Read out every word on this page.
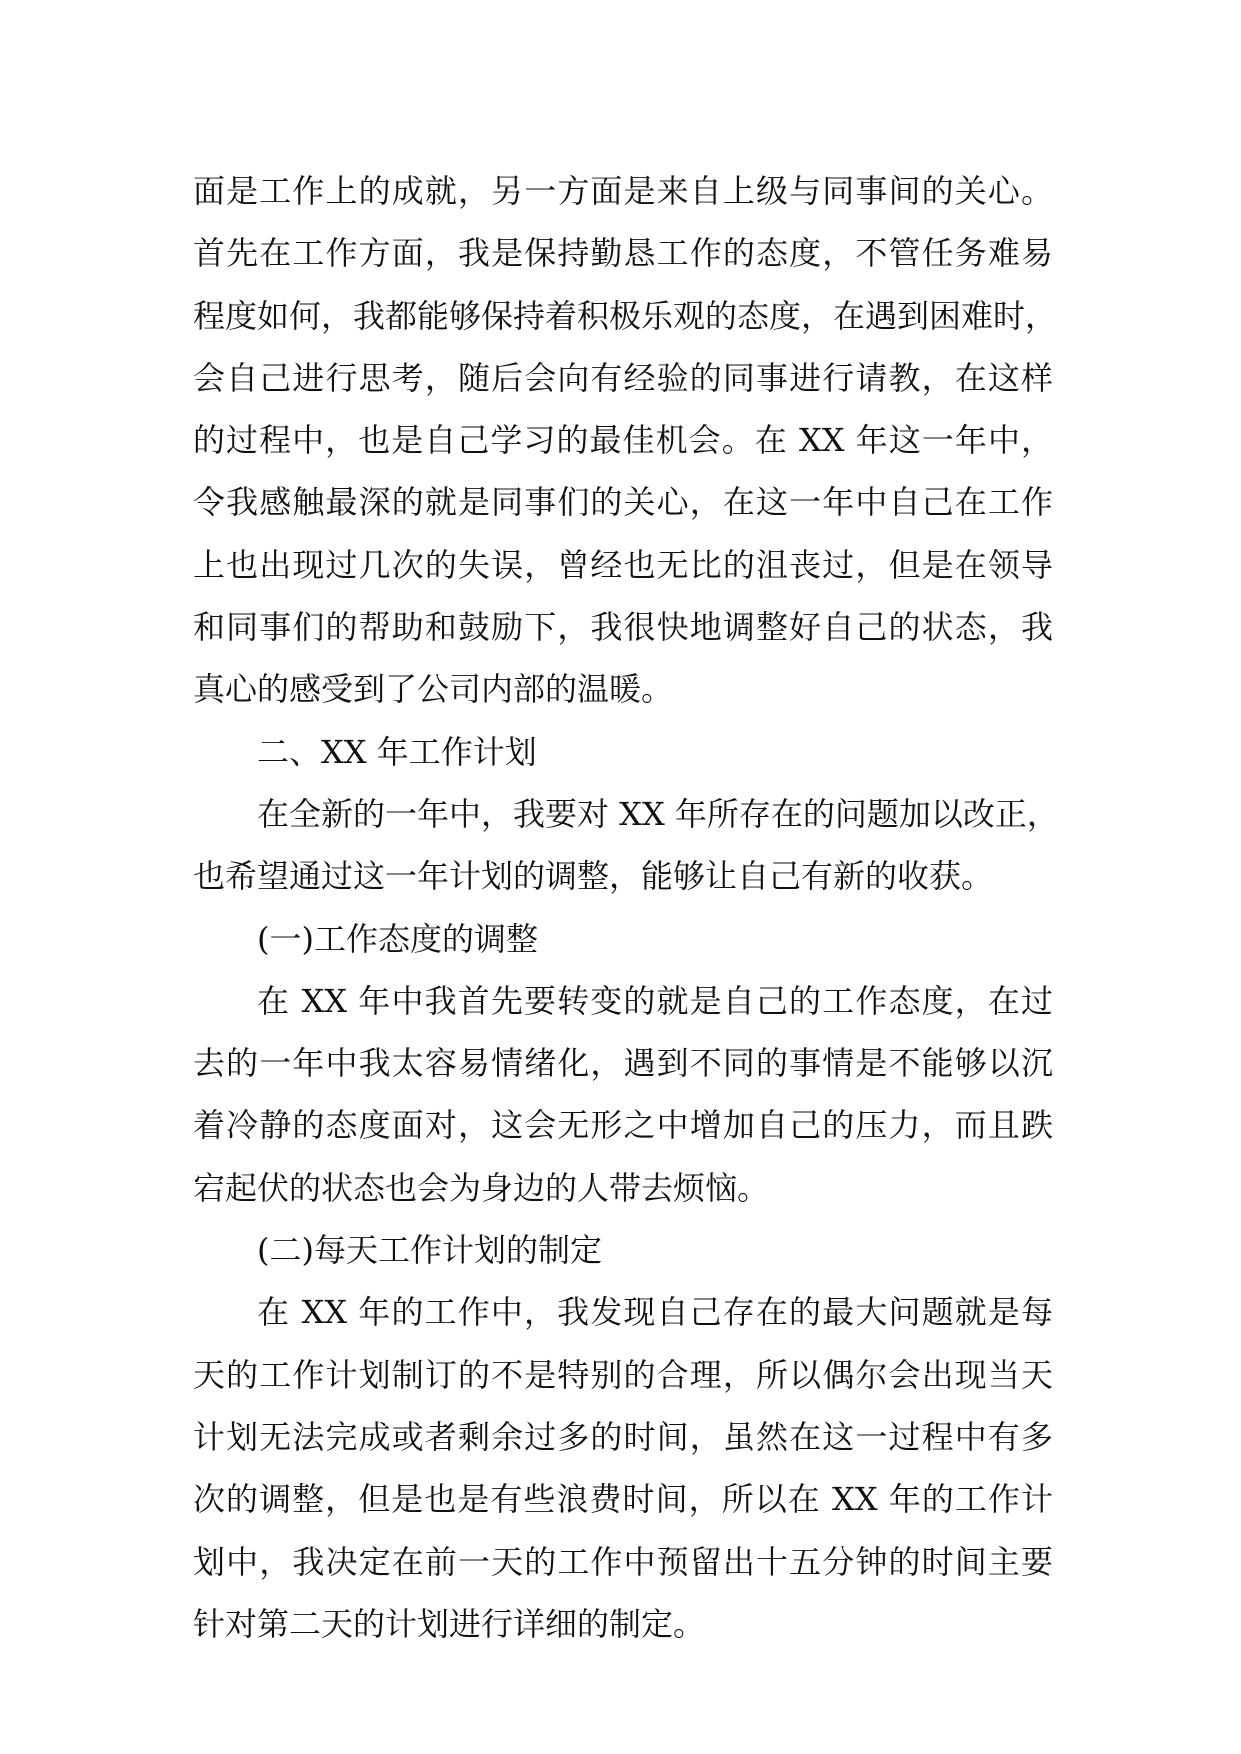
面是工作上的成就，另一方面是来自上级与同事间的关心。
首先在工作方面，我是保持勤恳工作的态度，不管任务难易
程度如何，我都能够保持着积极乐观的态度，在遇到困难时，
会自己进行思考，随后会向有经验的同事进行请教，在这样
的过程中，也是自己学习的最佳机会。在 XX 年这一年中，
令我感触最深的就是同事们的关心，在这一年中自己在工作
上也出现过几次的失误，曾经也无比的沮丧过，但是在领导
和同事们的帮助和鼓励下，我很快地调整好自己的状态，我
真心的感受到了公司内部的温暖。
二、XX 年工作计划
在全新的一年中，我要对 XX 年所存在的问题加以改正，
也希望通过这一年计划的调整，能够让自己有新的收获。
(一)工作态度的调整
在 XX 年中我首先要转变的就是自己的工作态度，在过
去的一年中我太容易情绪化，遇到不同的事情是不能够以沉
着冷静的态度面对，这会无形之中增加自己的压力，而且跌
宕起伏的状态也会为身边的人带去烦恼。
(二)每天工作计划的制定
在 XX 年的工作中，我发现自己存在的最大问题就是每
天的工作计划制订的不是特别的合理，所以偶尔会出现当天
计划无法完成或者剩余过多的时间，虽然在这一过程中有多
次的调整，但是也是有些浪费时间，所以在 XX 年的工作计
划中，我决定在前一天的工作中预留出十五分钟的时间主要
针对第二天的计划进行详细的制定。
